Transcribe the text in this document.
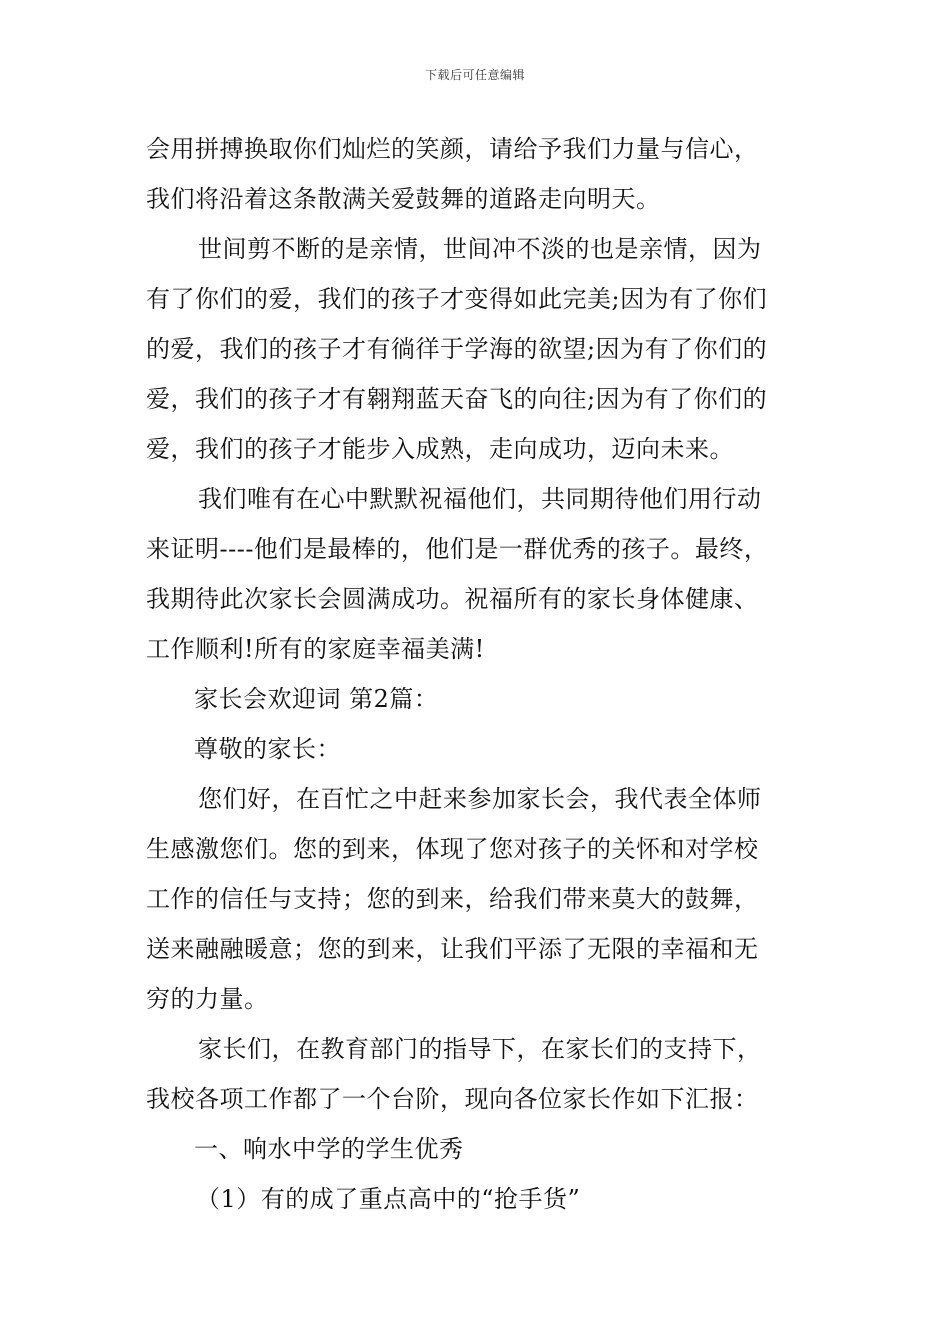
下载后可任意编辑
会用拼搏换取你们灿烂的笑颜，请给予我们力量与信心，
我们将沿着这条散满关爱鼓舞的道路走向明天。
世间剪不断的是亲情，世间冲不淡的也是亲情，因为
有了你们的爱，我们的孩子才变得如此完美;因为有了你们
的爱，我们的孩子才有徜徉于学海的欲望;因为有了你们的
爱，我们的孩子才有翱翔蓝天奋飞的向往;因为有了你们的
爱，我们的孩子才能步入成熟，走向成功，迈向未来。
我们唯有在心中默默祝福他们，共同期待他们用行动
来证明----他们是最棒的，他们是一群优秀的孩子。最终，
我期待此次家长会圆满成功。祝福所有的家长身体健康、
工作顺利!所有的家庭幸福美满!
家长会欢迎词 第2篇：
尊敬的家长：
您们好，在百忙之中赶来参加家长会，我代表全体师
生感激您们。您的到来，体现了您对孩子的关怀和对学校
工作的信任与支持；您的到来，给我们带来莫大的鼓舞，
送来融融暖意；您的到来，让我们平添了无限的幸福和无
穷的力量。
家长们，在教育部门的指导下，在家长们的支持下，
我校各项工作都了一个台阶，现向各位家长作如下汇报：
一、响水中学的学生优秀
（1）有的成了重点高中的“抢手货”
